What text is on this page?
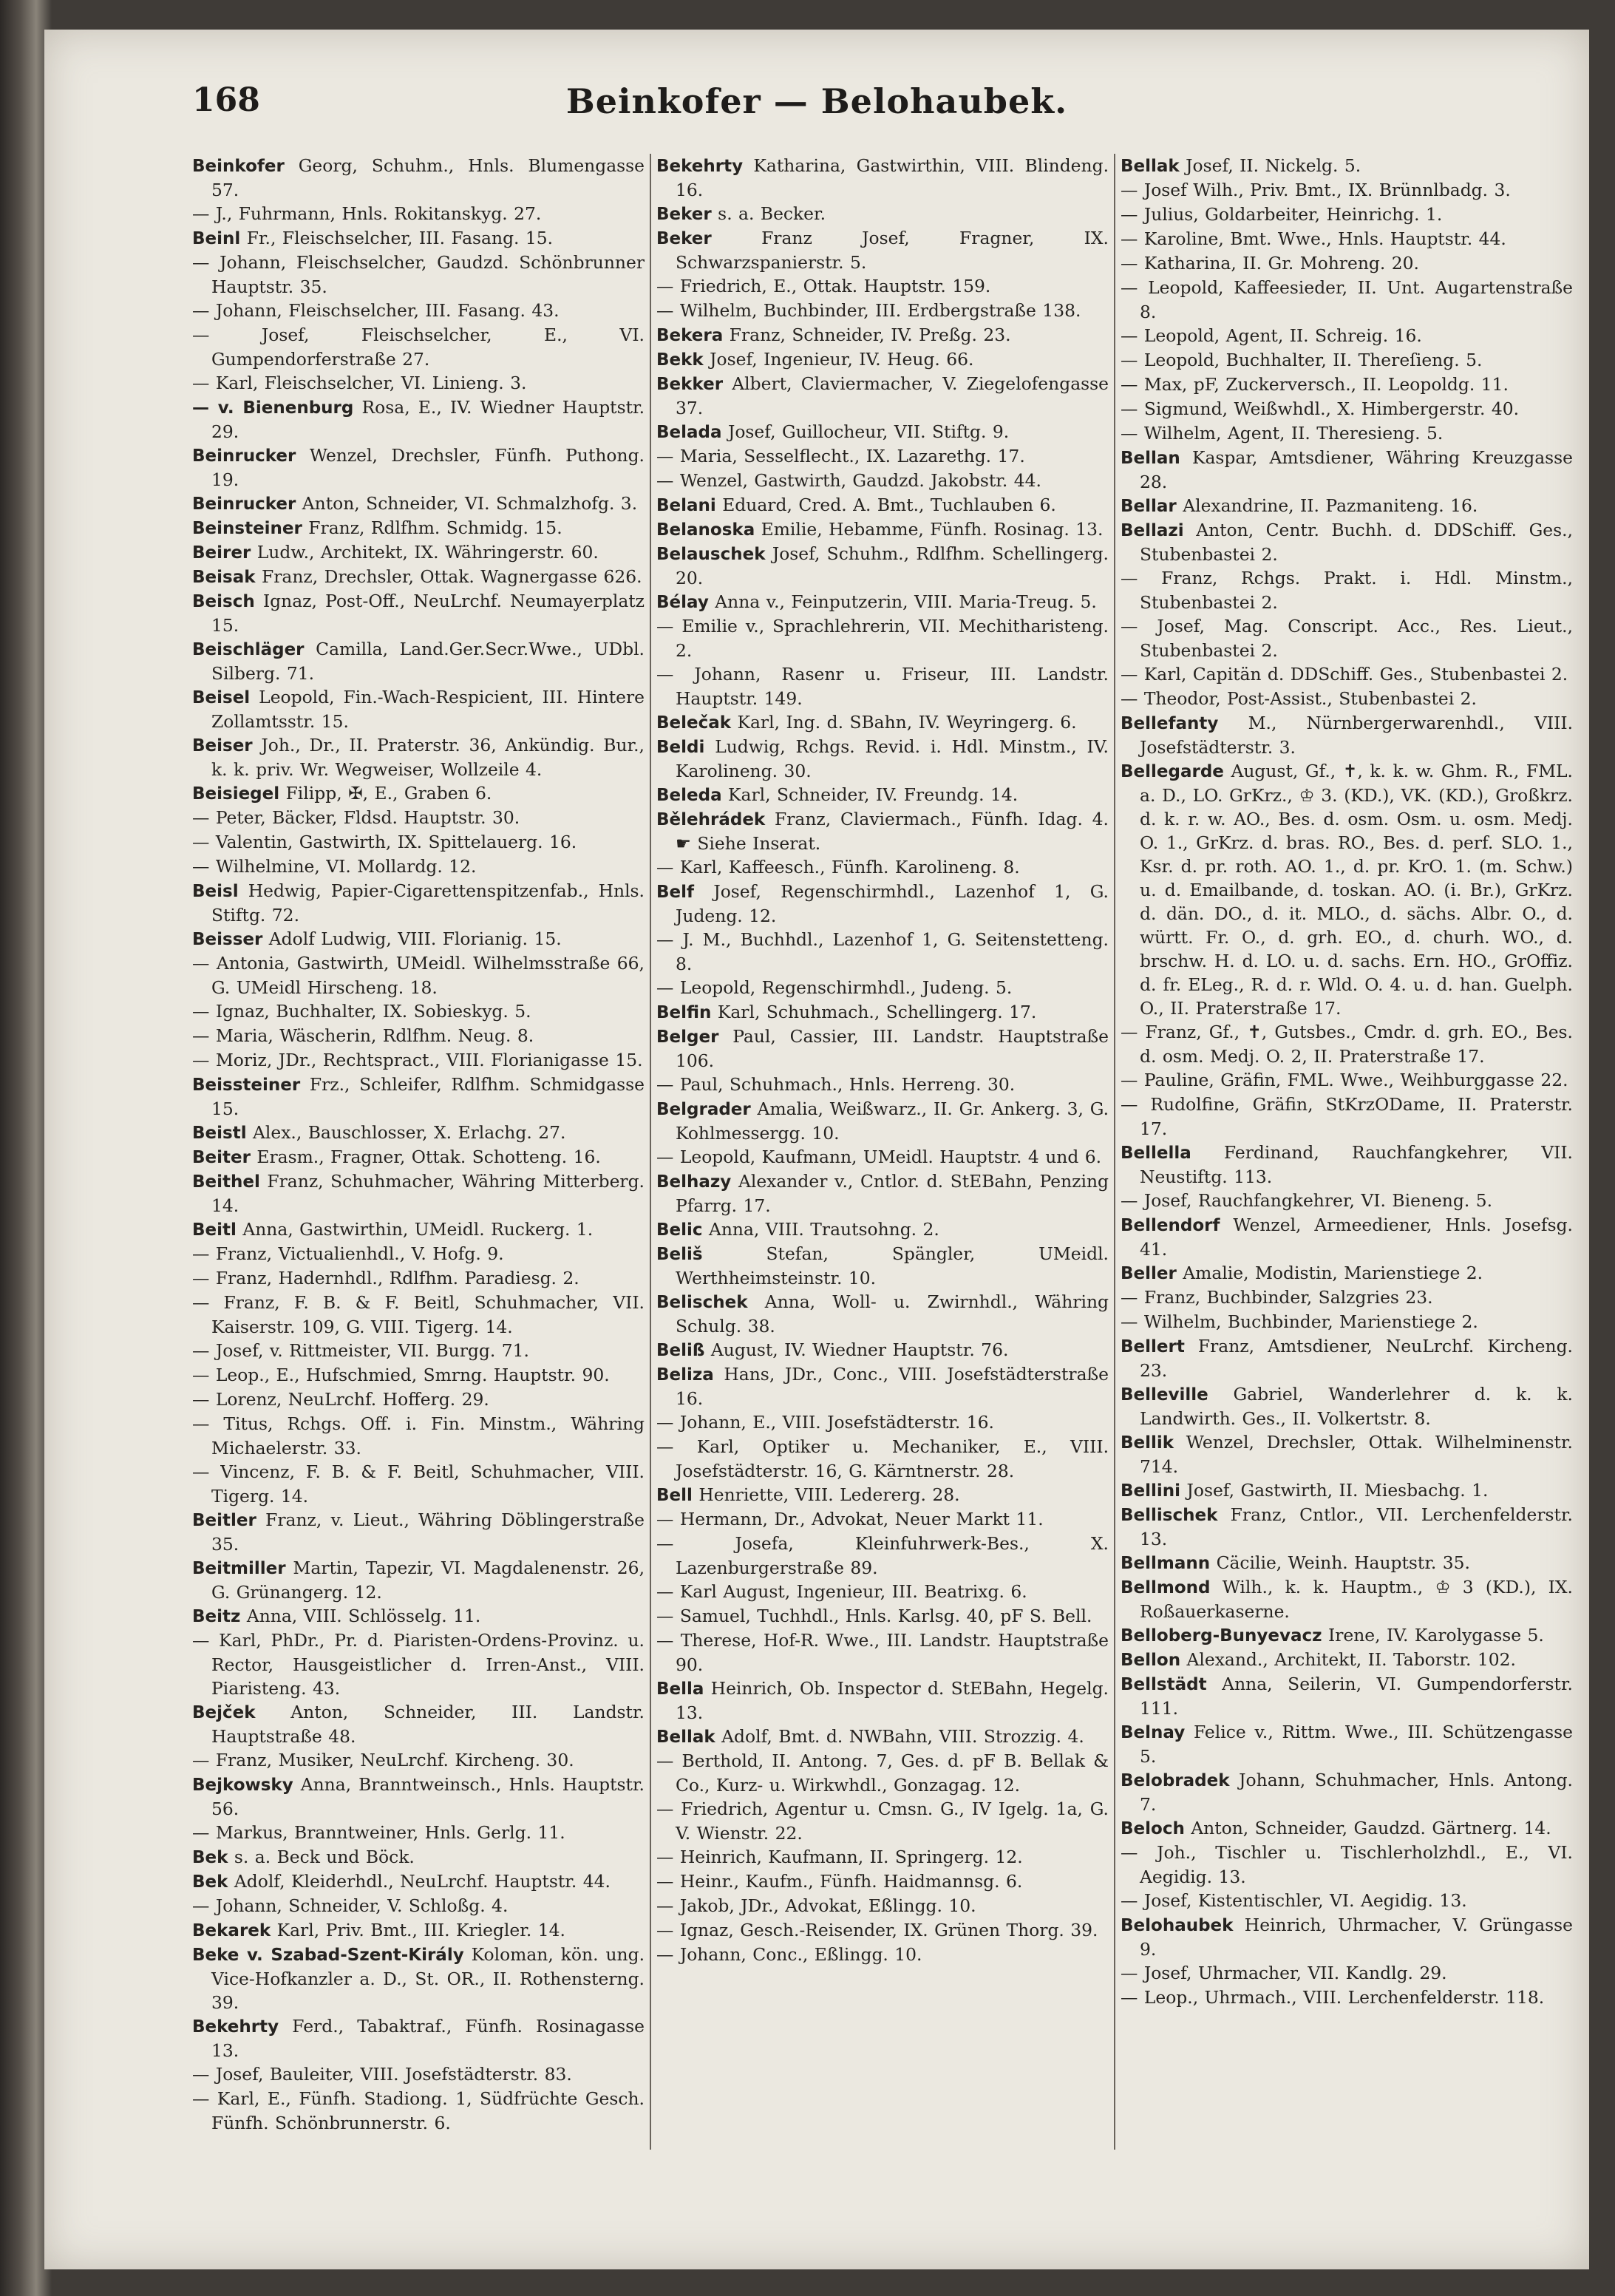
168	Beinkofer — Belohaubek.

Beinkofer Georg, Schuhm., Hnls. Blumengasse 57.

— J., Fuhrmann, Hnls. Rokitanskyg. 27.

Beinl Fr., Fleischselcher, III. Fasang. 15.

— Johann, Fleischselcher, Gaudzd. Schönbrunner Hauptstr. 35.

— Johann, Fleischselcher, III. Fasang. 43.

— Josef, Fleischselcher, E., VI. Gumpendorferstraße 27.

— Karl, Fleischselcher, VI. Linieng. 3.

— v. Bienenburg Rosa, E., IV. Wiedner Hauptstr. 29.

Beinrucker Wenzel, Drechsler, Fünfh. Puthong. 19.

Beinrucker Anton, Schneider, VI. Schmalzhofg. 3.

Beinsteiner Franz, Rdlfhm. Schmidg. 15.

Beirer Ludw., Architekt, IX. Währingerstr. 60.

Beisak Franz, Drechsler, Ottak. Wagnergasse 626.

Beisch Ignaz, Post-Off., NeuLrchf. Neumayerplatz 15.

Beischläger Camilla, Land.Ger.Secr.Wwe., UDbl. Silberg. 71.

Beisel Leopold, Fin.-Wach-Respicient, III. Hintere Zollamtsstr. 15.

Beiser Joh., Dr., II. Praterstr. 36, Ankündig. Bur., k. k. priv. Wr. Wegweiser, Wollzeile 4.

Beisiegel Filipp, ✠, E., Graben 6.

— Peter, Bäcker, Fldsd. Hauptstr. 30.

— Valentin, Gastwirth, IX. Spittelauerg. 16.

— Wilhelmine, VI. Mollardg. 12.

Beisl Hedwig, Papier-Cigarettenspitzenfab., Hnls. Stiftg. 72.

Beisser Adolf Ludwig, VIII. Florianig. 15.

— Antonia, Gastwirth, UMeidl. Wilhelmsstraße 66, G. UMeidl Hirscheng. 18.

— Ignaz, Buchhalter, IX. Sobieskyg. 5.

— Maria, Wäscherin, Rdlfhm. Neug. 8.

— Moriz, JDr., Rechtspract., VIII. Florianigasse 15.

Beissteiner Frz., Schleifer, Rdlfhm. Schmidgasse 15.

Beistl Alex., Bauschlosser, X. Erlachg. 27.

Beiter Erasm., Fragner, Ottak. Schotteng. 16.

Beithel Franz, Schuhmacher, Währing Mitterberg. 14.

Beitl Anna, Gastwirthin, UMeidl. Ruckerg. 1.

— Franz, Victualienhdl., V. Hofg. 9.

— Franz, Hadernhdl., Rdlfhm. Paradiesg. 2.

— Franz, F. B. & F. Beitl, Schuhmacher, VII. Kaiserstr. 109, G. VIII. Tigerg. 14.

— Josef, v. Rittmeister, VII. Burgg. 71.

— Leop., E., Hufschmied, Smrng. Hauptstr. 90.

— Lorenz, NeuLrchf. Hofferg. 29.

— Titus, Rchgs. Off. i. Fin. Minstm., Währing Michaelerstr. 33.

— Vincenz, F. B. & F. Beitl, Schuhmacher, VIII. Tigerg. 14.

Beitler Franz, v. Lieut., Währing Döblingerstraße 35.

Beitmiller Martin, Tapezir, VI. Magdalenenstr. 26, G. Grünangerg. 12.

Beitz Anna, VIII. Schlösselg. 11.

— Karl, PhDr., Pr. d. Piaristen-Ordens-Provinz. u. Rector, Hausgeistlicher d. Irren-Anst., VIII. Piaristeng. 43.

Bejček Anton, Schneider, III. Landstr. Hauptstraße 48.

— Franz, Musiker, NeuLrchf. Kircheng. 30.

Bejkowsky Anna, Branntweinsch., Hnls. Hauptstr. 56.

— Markus, Branntweiner, Hnls. Gerlg. 11.

Bek s. a. Beck und Böck.

Bek Adolf, Kleiderhdl., NeuLrchf. Hauptstr. 44.

— Johann, Schneider, V. Schloßg. 4.

Bekarek Karl, Priv. Bmt., III. Kriegler. 14.

Beke v. Szabad-Szent-Király Koloman, kön. ung. Vice-Hofkanzler a. D., St. OR., II. Rothensterng. 39.

Bekehrty Ferd., Tabaktraf., Fünfh. Rosinagasse 13.

— Josef, Bauleiter, VIII. Josefstädterstr. 83.

— Karl, E., Fünfh. Stadiong. 1, Südfrüchte Gesch. Fünfh. Schönbrunnerstr. 6.

Bekehrty Katharina, Gastwirthin, VIII. Blindeng. 16.

Beker s. a. Becker.

Beker Franz Josef, Fragner, IX. Schwarzspanierstr. 5.

— Friedrich, E., Ottak. Hauptstr. 159.

— Wilhelm, Buchbinder, III. Erdbergstraße 138.

Bekera Franz, Schneider, IV. Preßg. 23.

Bekk Josef, Ingenieur, IV. Heug. 66.

Bekker Albert, Claviermacher, V. Ziegelofengasse 37.

Belada Josef, Guillocheur, VII. Stiftg. 9.

— Maria, Sesselflecht., IX. Lazarethg. 17.

— Wenzel, Gastwirth, Gaudzd. Jakobstr. 44.

Belani Eduard, Cred. A. Bmt., Tuchlauben 6.

Belanoska Emilie, Hebamme, Fünfh. Rosinag. 13.

Belauschek Josef, Schuhm., Rdlfhm. Schellingerg. 20.

Bélay Anna v., Feinputzerin, VIII. Maria-Treug. 5.

— Emilie v., Sprachlehrerin, VII. Mechitharisteng. 2.

— Johann, Rasenr u. Friseur, III. Landstr. Hauptstr. 149.

Belečak Karl, Ing. d. SBahn, IV. Weyringerg. 6.

Beldi Ludwig, Rchgs. Revid. i. Hdl. Minstm., IV. Karolineng. 30.

Beleda Karl, Schneider, IV. Freundg. 14.

Bělehrádek Franz, Claviermach., Fünfh. Idag. 4. ☛ Siehe Inserat.

— Karl, Kaffeesch., Fünfh. Karolineng. 8.

Belf Josef, Regenschirmhdl., Lazenhof 1, G. Judeng. 12.

— J. M., Buchhdl., Lazenhof 1, G. Seitenstetteng. 8.

— Leopold, Regenschirmhdl., Judeng. 5.

Belfin Karl, Schuhmach., Schellingerg. 17.

Belger Paul, Cassier, III. Landstr. Hauptstraße 106.

— Paul, Schuhmach., Hnls. Herreng. 30.

Belgrader Amalia, Weißwarz., II. Gr. Ankerg. 3, G. Kohlmessergg. 10.

— Leopold, Kaufmann, UMeidl. Hauptstr. 4 und 6.

Belhazy Alexander v., Cntlor. d. StEBahn, Penzing Pfarrg. 17.

Belic Anna, VIII. Trautsohng. 2.

Beliš Stefan, Spängler, UMeidl. Werthheimsteinstr. 10.

Belischek Anna, Woll- u. Zwirnhdl., Währing Schulg. 38.

Beliß August, IV. Wiedner Hauptstr. 76.

Beliza Hans, JDr., Conc., VIII. Josefstädterstraße 16.

— Johann, E., VIII. Josefstädterstr. 16.

— Karl, Optiker u. Mechaniker, E., VIII. Josefstädterstr. 16, G. Kärntnerstr. 28.

Bell Henriette, VIII. Ledererg. 28.

— Hermann, Dr., Advokat, Neuer Markt 11.

— Josefa, Kleinfuhrwerk-Bes., X. Lazenburgerstraße 89.

— Karl August, Ingenieur, III. Beatrixg. 6.

— Samuel, Tuchhdl., Hnls. Karlsg. 40, pF S. Bell.

— Therese, Hof-R. Wwe., III. Landstr. Hauptstraße 90.

Bella Heinrich, Ob. Inspector d. StEBahn, Hegelg. 13.

Bellak Adolf, Bmt. d. NWBahn, VIII. Strozzig. 4.

— Berthold, II. Antong. 7, Ges. d. pF B. Bellak & Co., Kurz- u. Wirkwhdl., Gonzagag. 12.

— Friedrich, Agentur u. Cmsn. G., IV Igelg. 1a, G. V. Wienstr. 22.

— Heinrich, Kaufmann, II. Springerg. 12.

— Heinr., Kaufm., Fünfh. Haidmannsg. 6.

— Jakob, JDr., Advokat, Eßlingg. 10.

— Ignaz, Gesch.-Reisender, IX. Grünen Thorg. 39.

— Johann, Conc., Eßlingg. 10.

Bellak Josef, II. Nickelg. 5.

— Josef Wilh., Priv. Bmt., IX. Brünnlbadg. 3.

— Julius, Goldarbeiter, Heinrichg. 1.

— Karoline, Bmt. Wwe., Hnls. Hauptstr. 44.

— Katharina, II. Gr. Mohreng. 20.

— Leopold, Kaffeesieder, II. Unt. Augartenstraße 8.

— Leopold, Agent, II. Schreig. 16.

— Leopold, Buchhalter, II. Thereſieng. 5.

— Max, pF, Zuckerversch., II. Leopoldg. 11.

— Sigmund, Weißwhdl., X. Himbergerstr. 40.

— Wilhelm, Agent, II. Theresieng. 5.

Bellan Kaspar, Amtsdiener, Währing Kreuzgasse 28.

Bellar Alexandrine, II. Pazmaniteng. 16.

Bellazi Anton, Centr. Buchh. d. DDSchiff. Ges., Stubenbastei 2.

— Franz, Rchgs. Prakt. i. Hdl. Minstm., Stubenbastei 2.

— Josef, Mag. Conscript. Acc., Res. Lieut., Stubenbastei 2.

— Karl, Capitän d. DDSchiff. Ges., Stubenbastei 2.

— Theodor, Post-Assist., Stubenbastei 2.

Bellefanty M., Nürnbergerwarenhdl., VIII. Josefstädterstr. 3.

Bellegarde August, Gf., ✝, k. k. w. Ghm. R., FML. a. D., LO. GrKrz., ♔ 3. (KD.), VK. (KD.), Großkrz. d. k. r. w. AO., Bes. d. osm. Osm. u. osm. Medj. O. 1., GrKrz. d. bras. RO., Bes. d. perf. SLO. 1., Ksr. d. pr. roth. AO. 1., d. pr. KrO. 1. (m. Schw.) u. d. Emailbande, d. toskan. AO. (i. Br.), GrKrz. d. dän. DO., d. it. MLO., d. sächs. Albr. O., d. württ. Fr. O., d. grh. EO., d. churh. WO., d. brschw. H. d. LO. u. d. sachs. Ern. HO., GrOffiz. d. fr. ELeg., R. d. r. Wld. O. 4. u. d. han. Guelph. O., II. Praterstraße 17.

— Franz, Gf., ✝, Gutsbes., Cmdr. d. grh. EO., Bes. d. osm. Medj. O. 2, II. Praterstraße 17.

— Pauline, Gräfin, FML. Wwe., Weihburggasse 22.

— Rudolfine, Gräfin, StKrzODame, II. Praterstr. 17.

Bellella Ferdinand, Rauchfangkehrer, VII. Neustiftg. 113.

— Josef, Rauchfangkehrer, VI. Bieneng. 5.

Bellendorf Wenzel, Armeediener, Hnls. Josefsg. 41.

Beller Amalie, Modistin, Marienstiege 2.

— Franz, Buchbinder, Salzgries 23.

— Wilhelm, Buchbinder, Marienstiege 2.

Bellert Franz, Amtsdiener, NeuLrchf. Kircheng. 23.

Belleville Gabriel, Wanderlehrer d. k. k. Landwirth. Ges., II. Volkertstr. 8.

Bellik Wenzel, Drechsler, Ottak. Wilhelminenstr. 714.

Bellini Josef, Gastwirth, II. Miesbachg. 1.

Bellischek Franz, Cntlor., VII. Lerchenfelderstr. 13.

Bellmann Cäcilie, Weinh. Hauptstr. 35.

Bellmond Wilh., k. k. Hauptm., ♔ 3 (KD.), IX. Roßauerkaserne.

Belloberg-Bunyevacz Irene, IV. Karolygasse 5.

Bellon Alexand., Architekt, II. Taborstr. 102.

Bellstädt Anna, Seilerin, VI. Gumpendorferstr. 111.

Belnay Felice v., Rittm. Wwe., III. Schützengasse 5.

Belobradek Johann, Schuhmacher, Hnls. Antong. 7.

Beloch Anton, Schneider, Gaudzd. Gärtnerg. 14.

— Joh., Tischler u. Tischlerholzhdl., E., VI. Aegidig. 13.

— Josef, Kistentischler, VI. Aegidig. 13.

Belohaubek Heinrich, Uhrmacher, V. Grüngasse 9.

— Josef, Uhrmacher, VII. Kandlg. 29.

— Leop., Uhrmach., VIII. Lerchenfelderstr. 118.
